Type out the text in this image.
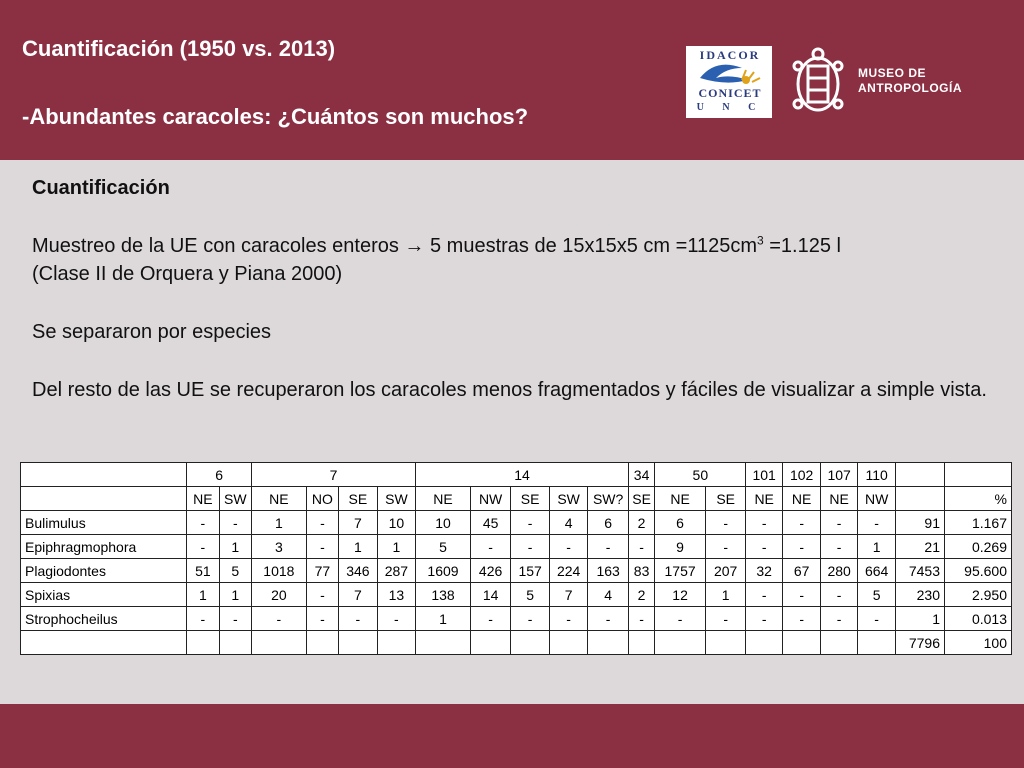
Cuantificación (1950 vs. 2013)
-Abundantes caracoles: ¿Cuántos son muchos?
IDACOR
CONICET
U N C
MUSEO DE
ANTROPOLOGÍA

Cuantificación

Muestreo de la UE con caracoles enteros → 5 muestras de 15x15x5 cm $=1125cm^3 =1.125$ l

(Clase II de Orquera y Piana 2000)

Se separaron por especies

Del resto de las UE se recuperaron los caracoles menos fragmentados y fáciles de visualizar a simple vista.

	6		7				14					34	50		101	102	107	110		
	NE	SW	NE	NO	SE	SW	NE	NW	SE	SW	SW?	SE	NE	SE	NE	NE	NE	NW		%
Bulimulus	-	-	1	-	7	10	10	45	-	4	6	2	6	-	-	-	-	-	91	1.167
Epiphragmophora	-	1	3	-	1	1	5	-	-	-	-	-	9	-	-	-	-	1	21	0.269
Plagiodontes	51	5	1018	77	346	287	1609	426	157	224	163	83	1757	207	32	67	280	664	7453	95.600
Spixias	1	1	20	-	7	13	138	14	5	7	4	2	12	1	-	-	-	5	230	2.950
Strophocheilus	-	-	-	-	-	-	1	-	-	-	-	-	-	-	-	-	-	-	1	0.013
																			7796	100
